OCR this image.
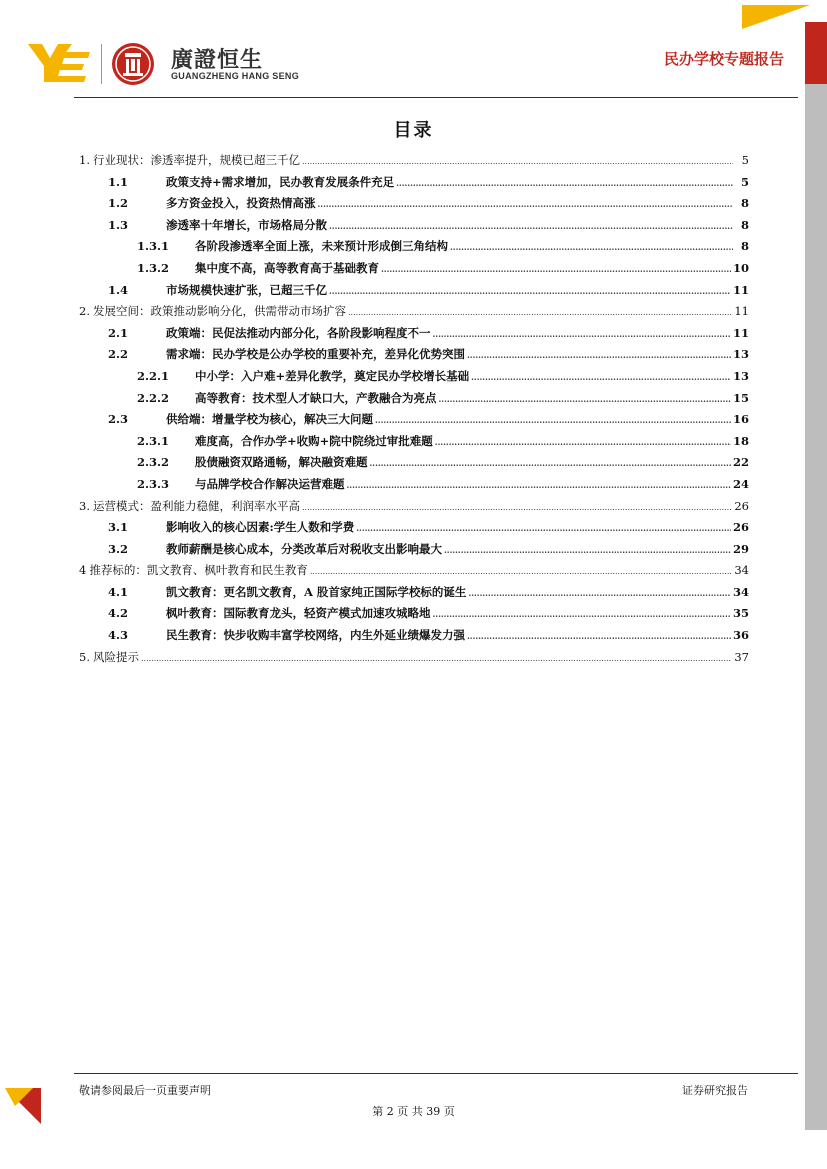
廣證恒生
GUANGZHENG HANG SENG
民办学校专题报告
目录
1. 行业现状：渗透率提升，规模已超三千亿 .....	5
1.1	政策支持+需求增加，民办教育发展条件充足 .....	5
1.2	多方资金投入，投资热情高涨 .....	8
1.3	渗透率十年增长，市场格局分散 .....	8
1.3.1	各阶段渗透率全面上涨，未来预计形成倒三角结构 .....	8
1.3.2	集中度不高，高等教育高于基础教育 .....	10
1.4	市场规模快速扩张，已超三千亿 .....	11
2. 发展空间：政策推动影响分化，供需带动市场扩容 .....	11
2.1	政策端：民促法推动内部分化，各阶段影响程度不一 .....	11
2.2	需求端：民办学校是公办学校的重要补充，差异化优势突围 .....	13
2.2.1	中小学：入户难+差异化教学，奠定民办学校增长基础 .....	13
2.2.2	高等教育：技术型人才缺口大，产教融合为亮点 .....	15
2.3	供给端：增量学校为核心，解决三大问题 .....	16
2.3.1	难度高，合作办学+收购+院中院绕过审批难题 .....	18
2.3.2	股债融资双路通畅，解决融资难题 .....	22
2.3.3	与品牌学校合作解决运营难题 .....	24
3. 运营模式：盈利能力稳健，利润率水平高 .....	26
3.1	影响收入的核心因素:学生人数和学费 .....	26
3.2	教师薪酬是核心成本，分类改革后对税收支出影响最大 .....	29
4 推荐标的：凯文教育、枫叶教育和民生教育 .....	34
4.1	凯文教育：更名凯文教育，A 股首家纯正国际学校标的诞生 .....	34
4.2	枫叶教育：国际教育龙头，轻资产模式加速攻城略地 .....	35
4.3	民生教育：快步收购丰富学校网络，内生外延业绩爆发力强 .....	36
5. 风险提示 .....	37
敬请参阅最后一页重要声明	证券研究报告
第 2 页 共 39 页
